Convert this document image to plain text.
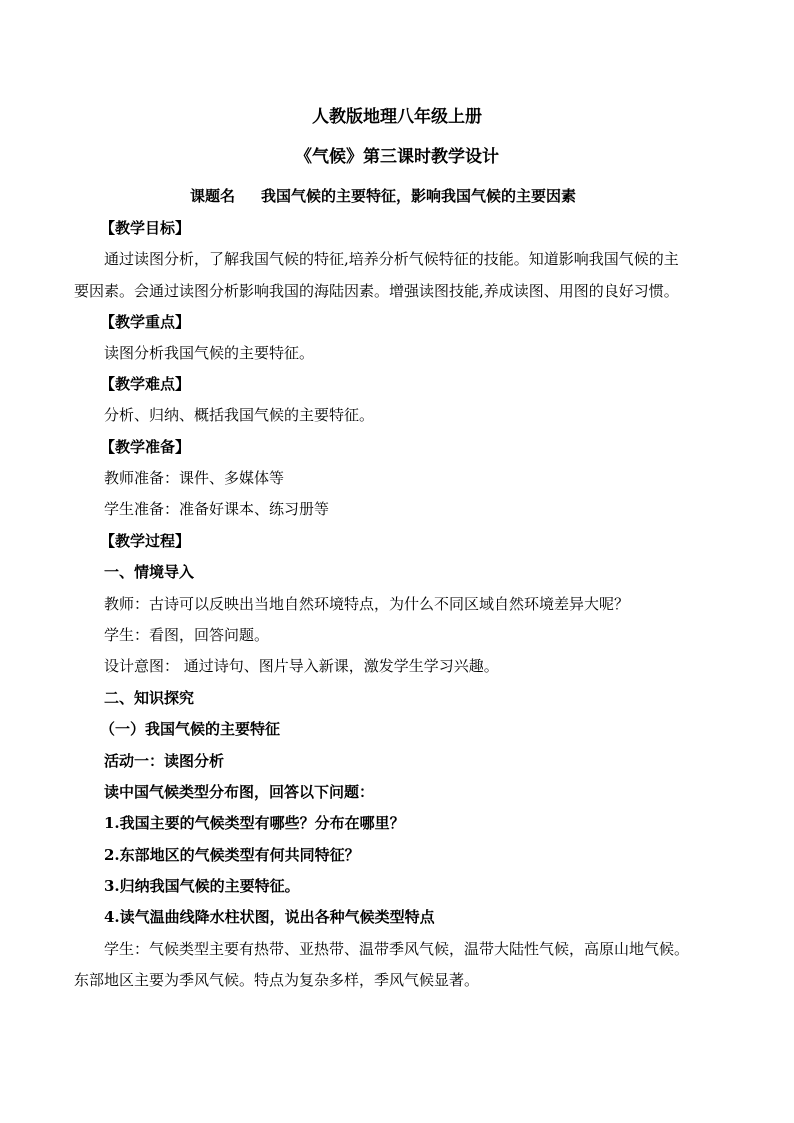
人教版地理八年级上册
《气候》第三课时教学设计
课题名 我国气候的主要特征，影响我国气候的主要因素
【教学目标】
通过读图分析，了解我国气候的特征,培养分析气候特征的技能。知道影响我国气候的主
要因素。会通过读图分析影响我国的海陆因素。增强读图技能,养成读图、用图的良好习惯。
【教学重点】
读图分析我国气候的主要特征。
【教学难点】
分析、归纳、概括我国气候的主要特征。
【教学准备】
教师准备：课件、多媒体等
学生准备：准备好课本、练习册等
【教学过程】
一、情境导入
教师：古诗可以反映出当地自然环境特点，为什么不同区域自然环境差异大呢？
学生：看图，回答问题。
设计意图： 通过诗句、图片导入新课，激发学生学习兴趣。
二、知识探究
（一）我国气候的主要特征
活动一：读图分析
读中国气候类型分布图，回答以下问题：
1.我国主要的气候类型有哪些？分布在哪里？
2.东部地区的气候类型有何共同特征？
3.归纳我国气候的主要特征。
4.读气温曲线降水柱状图，说出各种气候类型特点
学生：气候类型主要有热带、亚热带、温带季风气候，温带大陆性气候，高原山地气候。
东部地区主要为季风气候。特点为复杂多样，季风气候显著。
